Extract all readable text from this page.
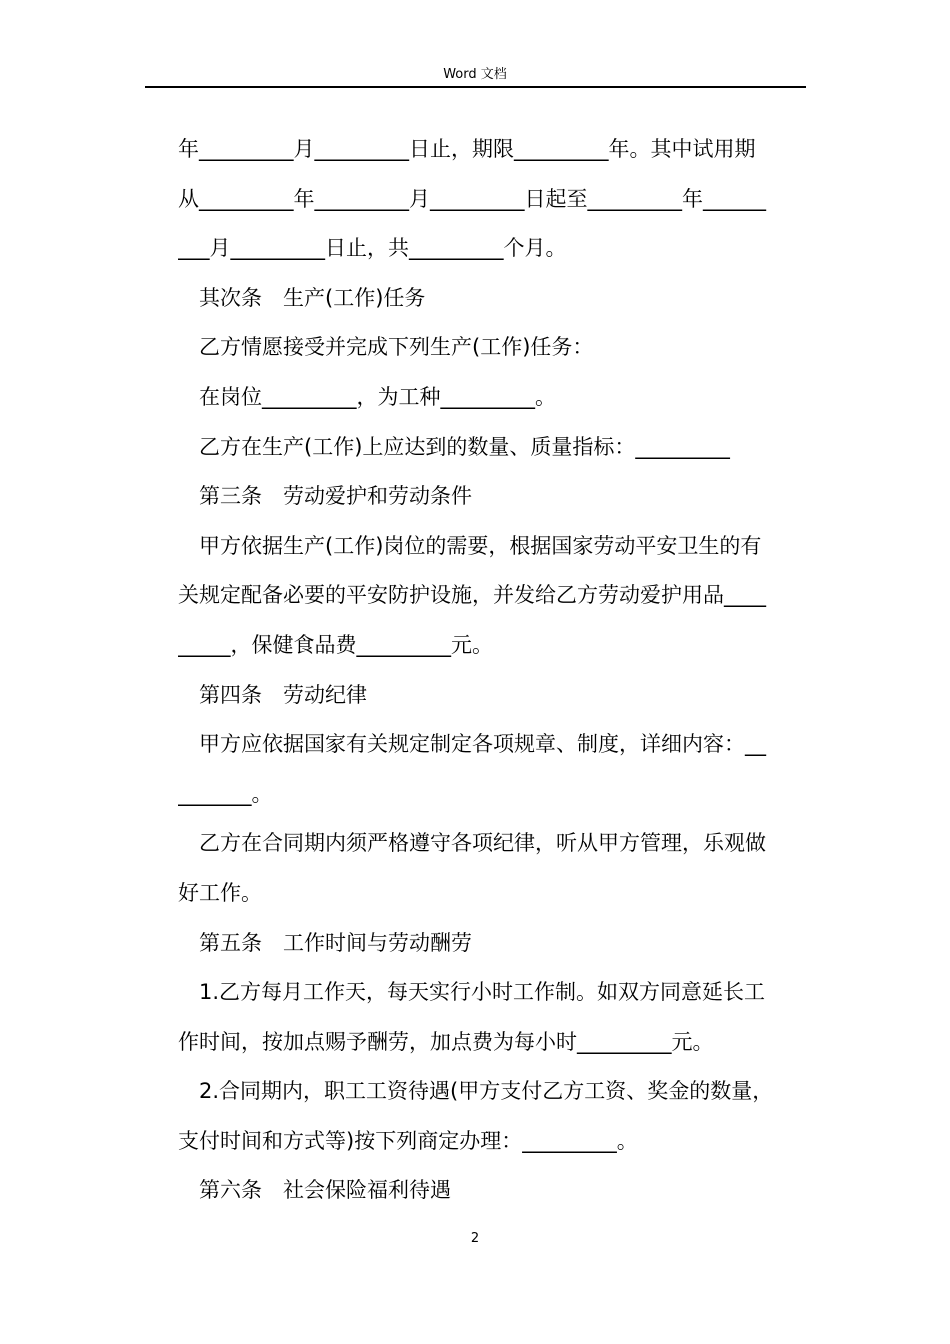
Word 文档
年_________月_________日止，期限_________年。其中试用期
从_________年_________月_________日起至_________年______
___月_________日止，共_________个月。
其次条　生产(工作)任务
乙方情愿接受并完成下列生产(工作)任务：
在岗位_________，为工种_________。
乙方在生产(工作)上应达到的数量、质量指标：_________
第三条　劳动爱护和劳动条件
甲方依据生产(工作)岗位的需要，根据国家劳动平安卫生的有
关规定配备必要的平安防护设施，并发给乙方劳动爱护用品____
_____，保健食品费_________元。
第四条　劳动纪律
甲方应依据国家有关规定制定各项规章、制度，详细内容：__
_______。
乙方在合同期内须严格遵守各项纪律，听从甲方管理，乐观做
好工作。
第五条　工作时间与劳动酬劳
1.乙方每月工作天，每天实行小时工作制。如双方同意延长工
作时间，按加点赐予酬劳，加点费为每小时_________元。
2.合同期内，职工工资待遇(甲方支付乙方工资、奖金的数量，
支付时间和方式等)按下列商定办理：_________。
第六条　社会保险福利待遇
2
